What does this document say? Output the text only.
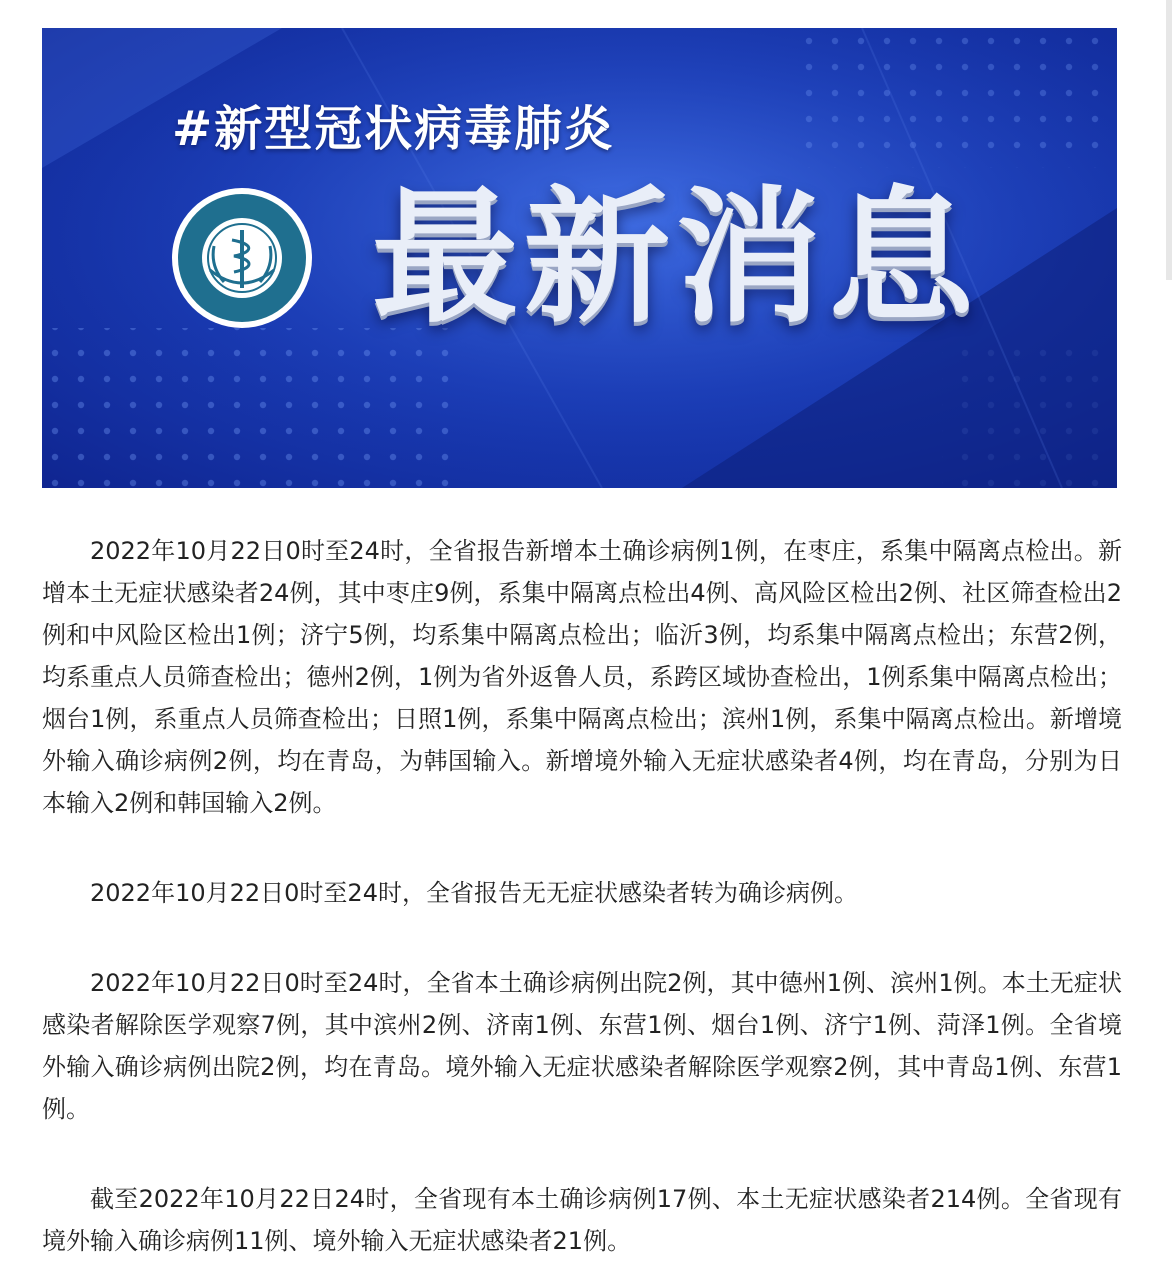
#新型冠状病毒肺炎
最新消息

2022年10月22日0时至24时，全省报告新增本土确诊病例1例，在枣庄，系集中隔离点检出。新增本土无症状感染者24例，其中枣庄9例，系集中隔离点检出4例、高风险区检出2例、社区筛查检出2例和中风险区检出1例；济宁5例，均系集中隔离点检出；临沂3例，均系集中隔离点检出；东营2例，均系重点人员筛查检出；德州2例，1例为省外返鲁人员，系跨区域协查检出，1例系集中隔离点检出；烟台1例，系重点人员筛查检出；日照1例，系集中隔离点检出；滨州1例，系集中隔离点检出。新增境外输入确诊病例2例，均在青岛，为韩国输入。新增境外输入无症状感染者4例，均在青岛，分别为日本输入2例和韩国输入2例。

2022年10月22日0时至24时，全省报告无无症状感染者转为确诊病例。

2022年10月22日0时至24时，全省本土确诊病例出院2例，其中德州1例、滨州1例。本土无症状感染者解除医学观察7例，其中滨州2例、济南1例、东营1例、烟台1例、济宁1例、菏泽1例。全省境外输入确诊病例出院2例，均在青岛。境外输入无症状感染者解除医学观察2例，其中青岛1例、东营1例。

截至2022年10月22日24时，全省现有本土确诊病例17例、本土无症状感染者214例。全省现有境外输入确诊病例11例、境外输入无症状感染者21例。
